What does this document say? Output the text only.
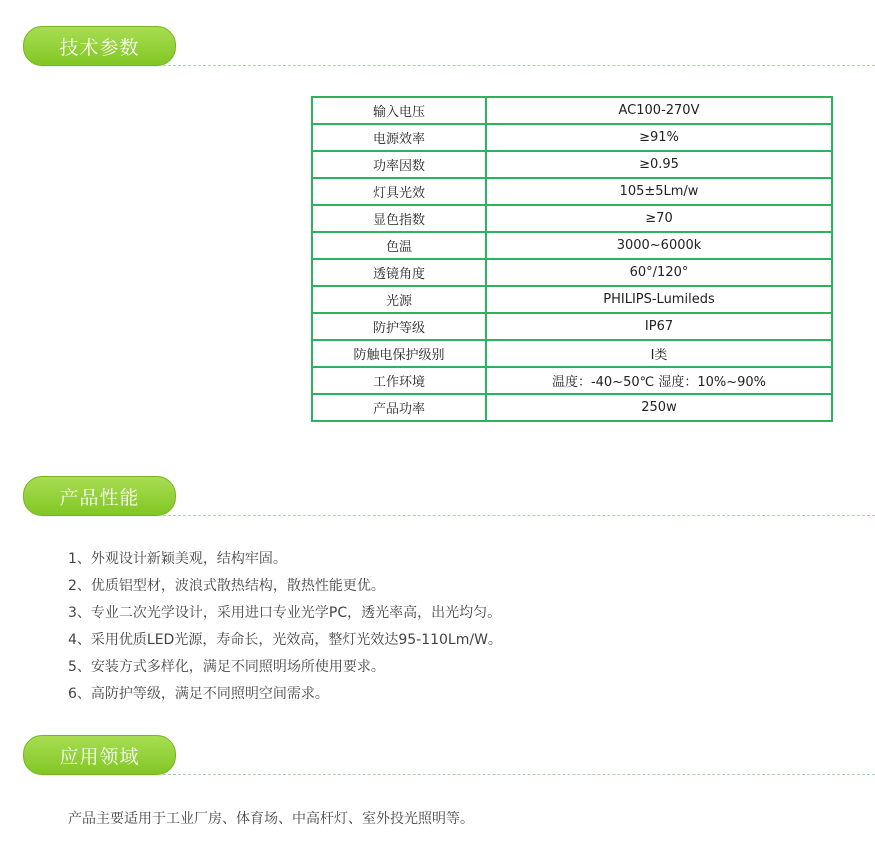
技术参数
输入电压	AC100-270V
电源效率	≥91%
功率因数	≥0.95
灯具光效	105±5Lm/w
显色指数	≥70
色温	3000~6000k
透镜角度	60°/120°
光源	PHILIPS-Lumileds
防护等级	IP67
防触电保护级别	I类
工作环境	温度：-40~50℃ 湿度：10%~90%
产品功率	250w
产品性能
1、外观设计新颖美观，结构牢固。
2、优质铝型材，波浪式散热结构，散热性能更优。
3、专业二次光学设计，采用进口专业光学PC，透光率高，出光均匀。
4、采用优质LED光源，寿命长，光效高，整灯光效达95-110Lm/W。
5、安装方式多样化，满足不同照明场所使用要求。
6、高防护等级，满足不同照明空间需求。
应用领域
产品主要适用于工业厂房、体育场、中高杆灯、室外投光照明等。
